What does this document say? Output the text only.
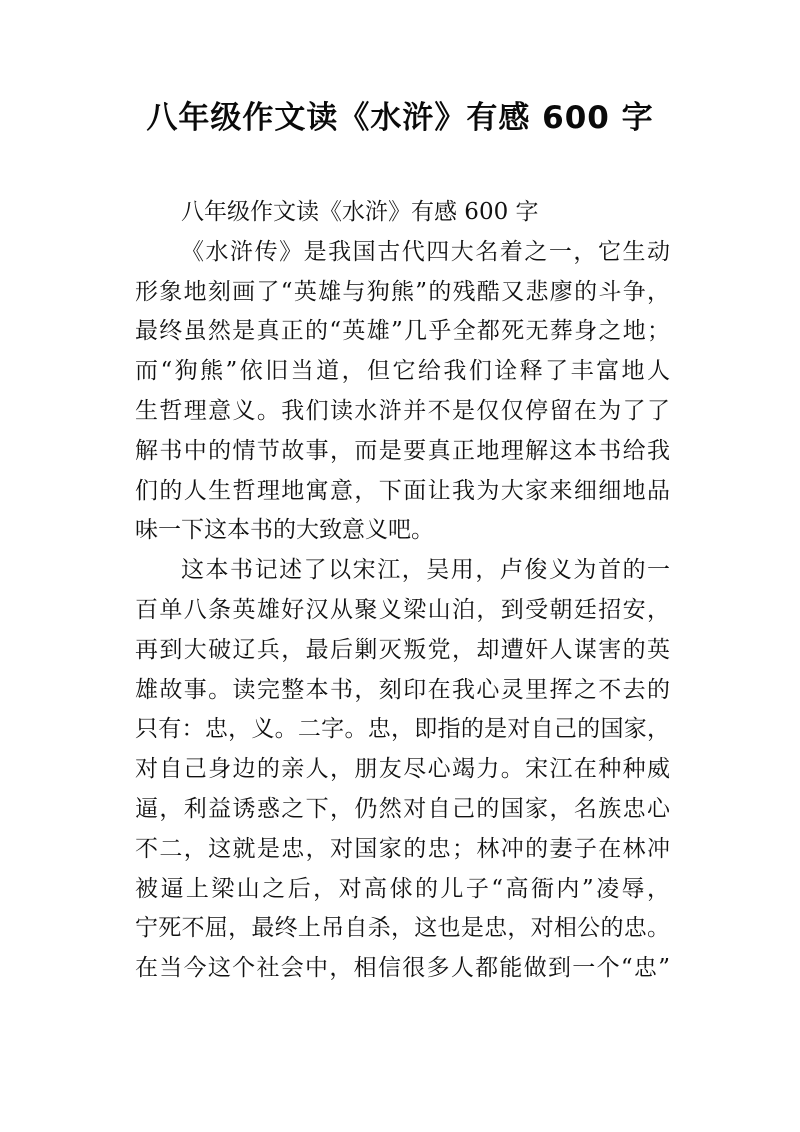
八年级作文读《水浒》有感 600 字
八年级作文读《水浒》有感 600 字
《水浒传》是我国古代四大名着之一，它生动
形象地刻画了“英雄与狗熊”的残酷又悲廖的斗争，
最终虽然是真正的“英雄”几乎全都死无葬身之地；
而“狗熊”依旧当道，但它给我们诠释了丰富地人
生哲理意义。我们读水浒并不是仅仅停留在为了了
解书中的情节故事，而是要真正地理解这本书给我
们的人生哲理地寓意，下面让我为大家来细细地品
味一下这本书的大致意义吧。
这本书记述了以宋江，吴用，卢俊义为首的一
百单八条英雄好汉从聚义梁山泊，到受朝廷招安，
再到大破辽兵，最后剿灭叛党，却遭奸人谋害的英
雄故事。读完整本书，刻印在我心灵里挥之不去的
只有：忠，义。二字。忠，即指的是对自己的国家，
对自己身边的亲人，朋友尽心竭力。宋江在种种威
逼，利益诱惑之下，仍然对自己的国家，名族忠心
不二，这就是忠，对国家的忠；林冲的妻子在林冲
被逼上梁山之后，对高俅的儿子“高衙内”凌辱，
宁死不屈，最终上吊自杀，这也是忠，对相公的忠。
在当今这个社会中，相信很多人都能做到一个“忠”
